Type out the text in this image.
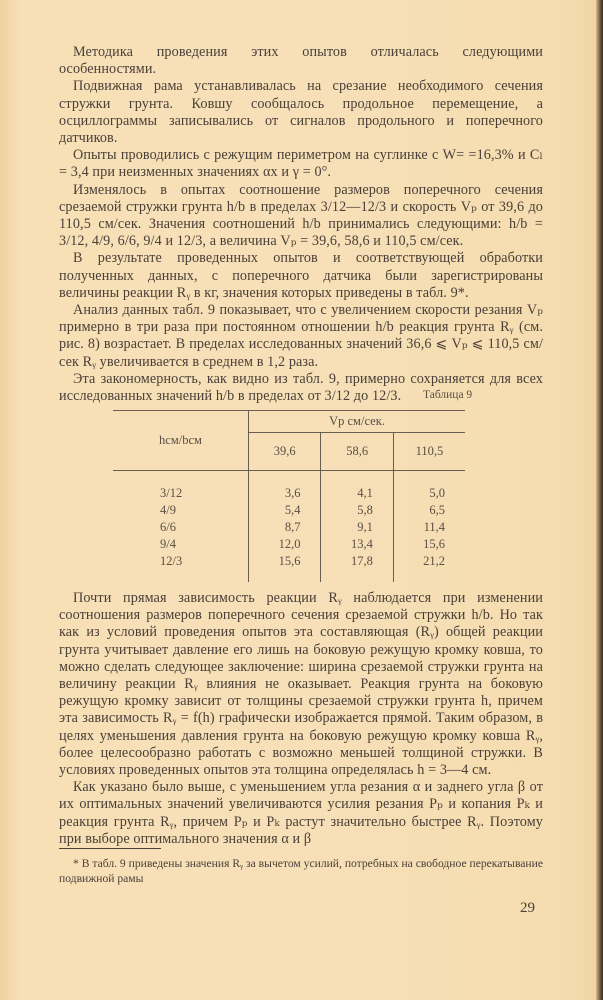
Методика проведения этих опытов отличалась следующими особенностями.

Подвижная рама устанавливалась на срезание необходимого сечения стружки грунта. Ковшу сообщалось продольное перемещение, а осциллограммы записывались от сигналов продольного и поперечного датчиков.

Опыты проводились с режущим периметром на суглинке с W= =16,3% и Cₗ = 3,4 при неизменных значениях αх и γ = 0°.

Изменялось в опытах соотношение размеров поперечного сечения срезаемой стружки грунта h/b в пределах 3/12—12/3 и скорость Vₚ от 39,6 до 110,5 см/сек. Значения соотношений h/b принимались следующими: h/b = 3/12, 4/9, 6/6, 9/4 и 12/3, а величина Vₚ = 39,6, 58,6 и 110,5 см/сек.

В результате проведенных опытов и соответствующей обработки полученных данных, с поперечного датчика были зарегистрированы величины реакции Rᵧ в кг, значения которых приведены в табл. 9*.

Анализ данных табл. 9 показывает, что с увеличением скорости резания Vₚ примерно в три раза при постоянном отношении h/b реакция грунта Rᵧ (см. рис. 8) возрастает. В пределах исследованных значений 36,6 ⩽ Vₚ ⩽ 110,5 см/сек Rᵧ увеличивается в среднем в 1,2 раза.

Эта закономерность, как видно из табл. 9, примерно сохраняется для всех исследованных значений h/b в пределах от 3/12 до 12/3.	Таблица 9
hсм/bсм	Vр см/сек.		
	39,6	58,6	110,5

3/12	3,6	4,1	5,0
4/9	5,4	5,8	6,5
6/6	8,7	9,1	11,4
9/4	12,0	13,4	15,6
12/3	15,6	17,8	21,2

Почти прямая зависимость реакции Rᵧ наблюдается при изменении соотношения размеров поперечного сечения срезаемой стружки h/b. Но так как из условий проведения опытов эта составляющая (Rᵧ) общей реакции грунта учитывает давление его лишь на боковую режущую кромку ковша, то можно сделать следующее заключение: ширина срезаемой стружки грунта на величину реакции Rᵧ влияния не оказывает. Реакция грунта на боковую режущую кромку зависит от толщины срезаемой стружки грунта h, причем эта зависимость Rᵧ = f(h) графически изображается прямой. Таким образом, в целях уменьшения давления грунта на боковую режущую кромку ковша Rᵧ, более целесообразно работать с возможно меньшей толщиной стружки. В условиях проведенных опытов эта толщина определялась h = 3—4 см.

Как указано было выше, с уменьшением угла резания α и заднего угла β от их оптимальных значений увеличиваются усилия резания Pₚ и копания Pₖ и реакция грунта Rᵧ, причем Pₚ и Pₖ растут значительно быстрее Rᵧ. Поэтому при выборе оптимального значения α и β

* В табл. 9 приведены значения Rᵧ за вычетом усилий, потребных на свободное перекатывание подвижной рамы
29
